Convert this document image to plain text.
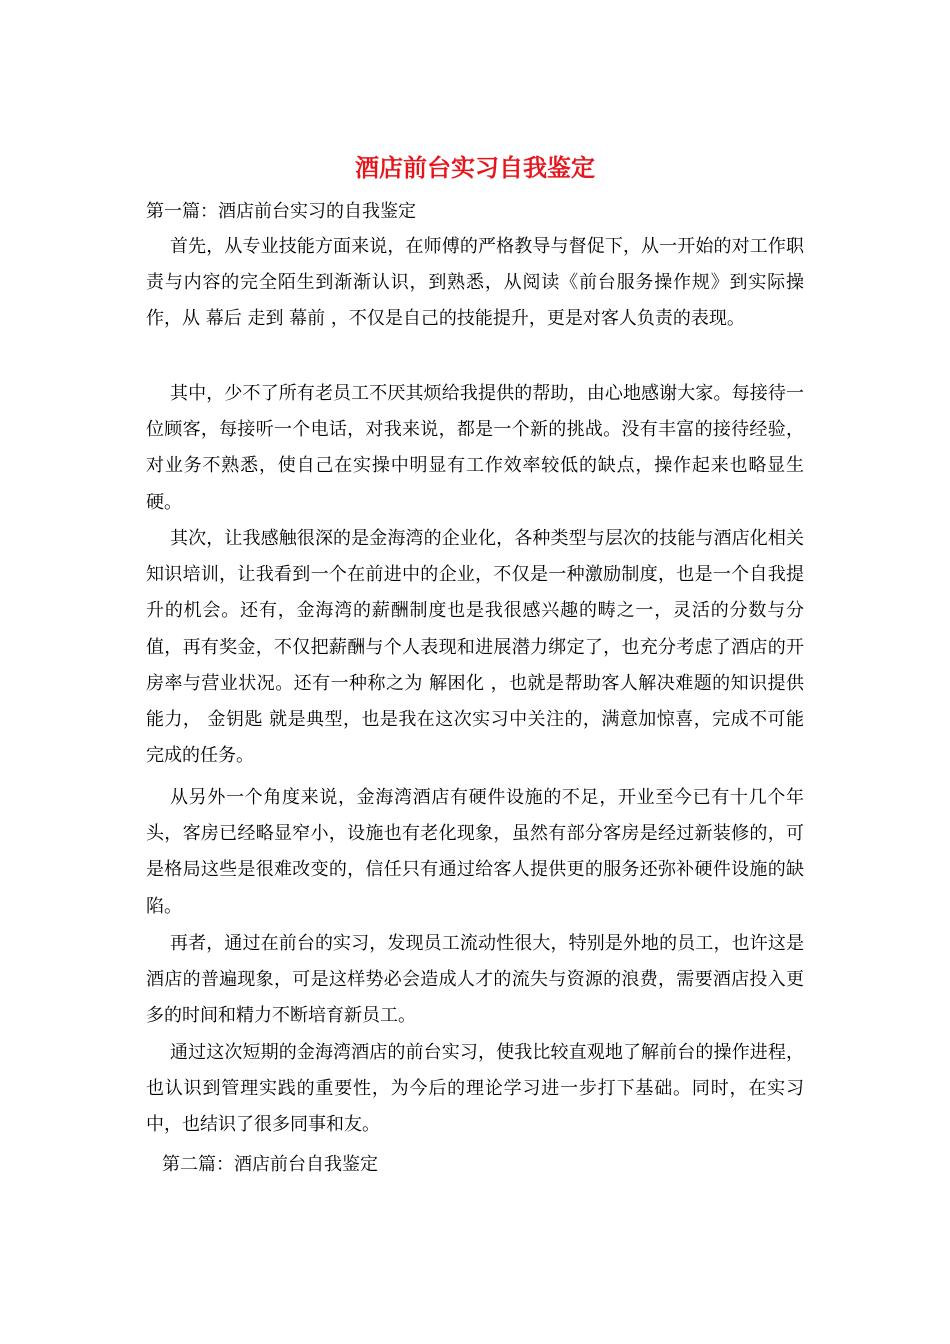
酒店前台实习自我鉴定
第一篇：酒店前台实习的自我鉴定

首先，从专业技能方面来说，在师傅的严格教导与督促下，从一开始的对工作职责与内容的完全陌生到渐渐认识，到熟悉，从阅读《前台服务操作规》到实际操作，从 幕后 走到 幕前 ，不仅是自己的技能提升，更是对客人负责的表现。

其中，少不了所有老员工不厌其烦给我提供的帮助，由心地感谢大家。每接待一位顾客，每接听一个电话，对我来说，都是一个新的挑战。没有丰富的接待经验，对业务不熟悉，使自己在实操中明显有工作效率较低的缺点，操作起来也略显生硬。

其次，让我感触很深的是金海湾的企业化，各种类型与层次的技能与酒店化相关知识培训，让我看到一个在前进中的企业，不仅是一种激励制度，也是一个自我提升的机会。还有，金海湾的薪酬制度也是我很感兴趣的畴之一，灵活的分数与分值，再有奖金，不仅把薪酬与个人表现和进展潜力绑定了，也充分考虑了酒店的开房率与营业状况。还有一种称之为 解困化 ，也就是帮助客人解决难题的知识提供能力， 金钥匙 就是典型，也是我在这次实习中关注的，满意加惊喜，完成不可能完成的任务。

从另外一个角度来说，金海湾酒店有硬件设施的不足，开业至今已有十几个年头，客房已经略显窄小，设施也有老化现象，虽然有部分客房是经过新装修的，可是格局这些是很难改变的，信任只有通过给客人提供更的服务还弥补硬件设施的缺陷。

再者，通过在前台的实习，发现员工流动性很大，特别是外地的员工，也许这是酒店的普遍现象，可是这样势必会造成人才的流失与资源的浪费，需要酒店投入更多的时间和精力不断培育新员工。

通过这次短期的金海湾酒店的前台实习，使我比较直观地了解前台的操作进程，也认识到管理实践的重要性，为今后的理论学习进一步打下基础。同时，在实习中，也结识了很多同事和友。

第二篇：酒店前台自我鉴定
